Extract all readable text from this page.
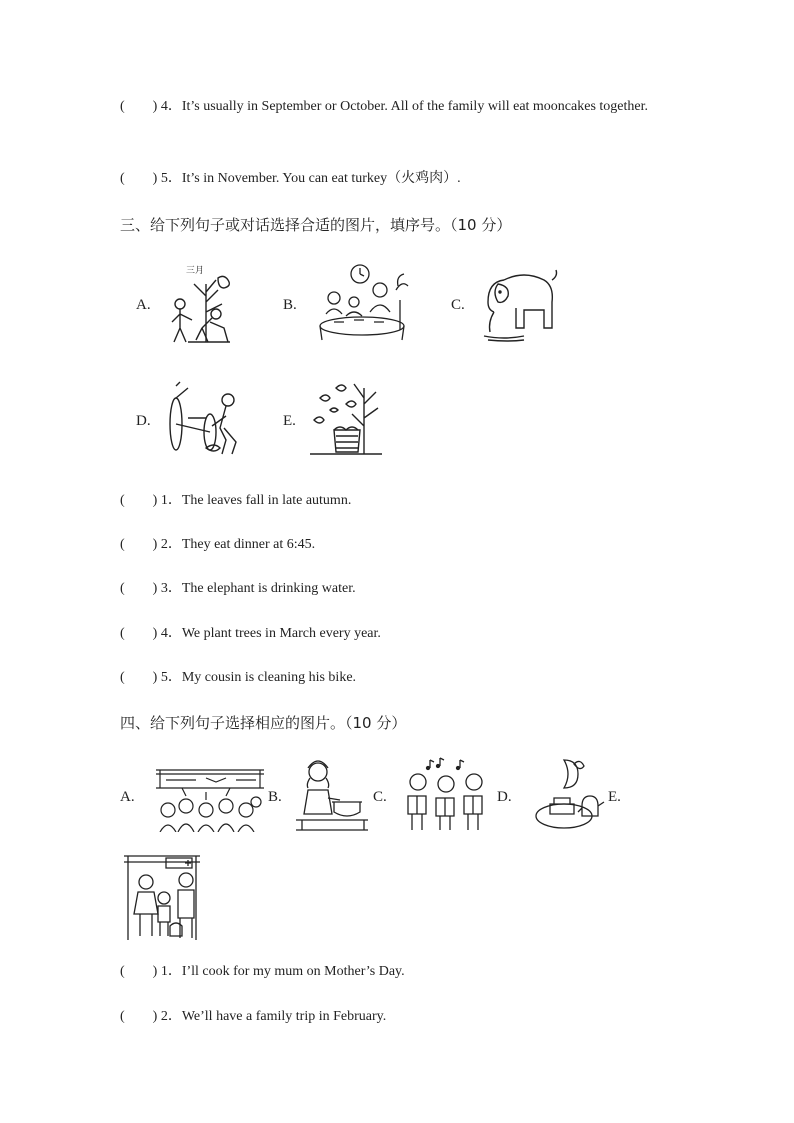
(　　) 4．It’s usually in September or October. All of the family will eat mooncakes together.
(　　) 5．It’s in November. You can eat turkey（火鸡肉）.
三、给下列句子或对话选择合适的图片，填序号。（10 分）
A.
三月
B.	C.
D.	E.
(　　) 1．The leaves fall in late autumn.
(　　) 2．They eat dinner at 6:45.
(　　) 3．The elephant is drinking water.
(　　) 4．We plant trees in March every year.
(　　) 5．My cousin is cleaning his bike.
四、给下列句子选择相应的图片。（10 分）
A.	B.	C.	D.	E.
(　　) 1．I’ll cook for my mum on Mother’s Day.
(　　) 2．We’ll have a family trip in February.
